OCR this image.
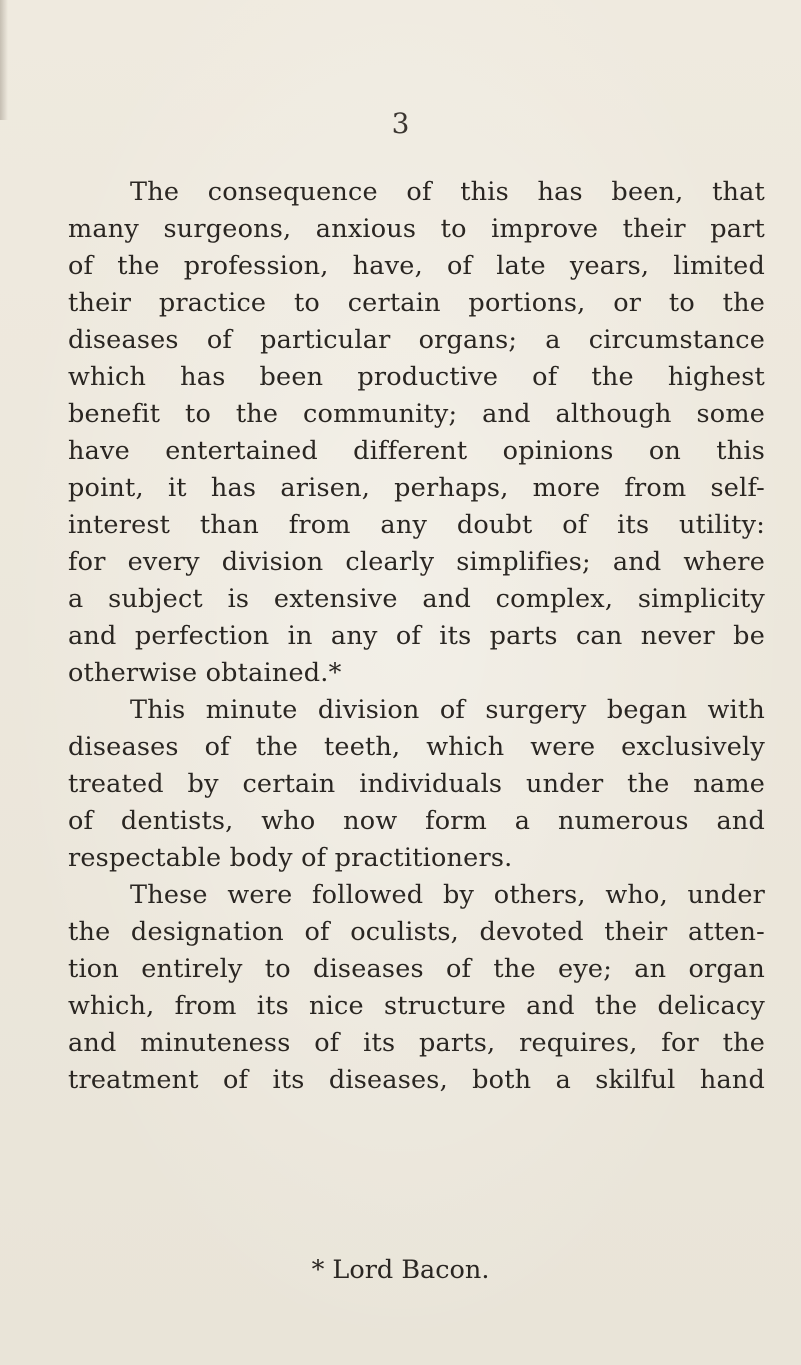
3
The consequence of this has been, that
many surgeons, anxious to improve their part
of the profession, have, of late years, limited
their practice to certain portions, or to the
diseases of particular organs; a circumstance
which has been productive of the highest
benefit to the community; and although some
have entertained different opinions on this
point, it has arisen, perhaps, more from self-
interest than from any doubt of its utility:
for every division clearly simplifies; and where
a subject is extensive and complex, simplicity
and perfection in any of its parts can never be
otherwise obtained.*
This minute division of surgery began with
diseases of the teeth, which were exclusively
treated by certain individuals under the name
of dentists, who now form a numerous and
respectable body of practitioners.
These were followed by others, who, under
the designation of oculists, devoted their atten-
tion entirely to diseases of the eye; an organ
which, from its nice structure and the delicacy
and minuteness of its parts, requires, for the
treatment of its diseases, both a skilful hand
* Lord Bacon.
